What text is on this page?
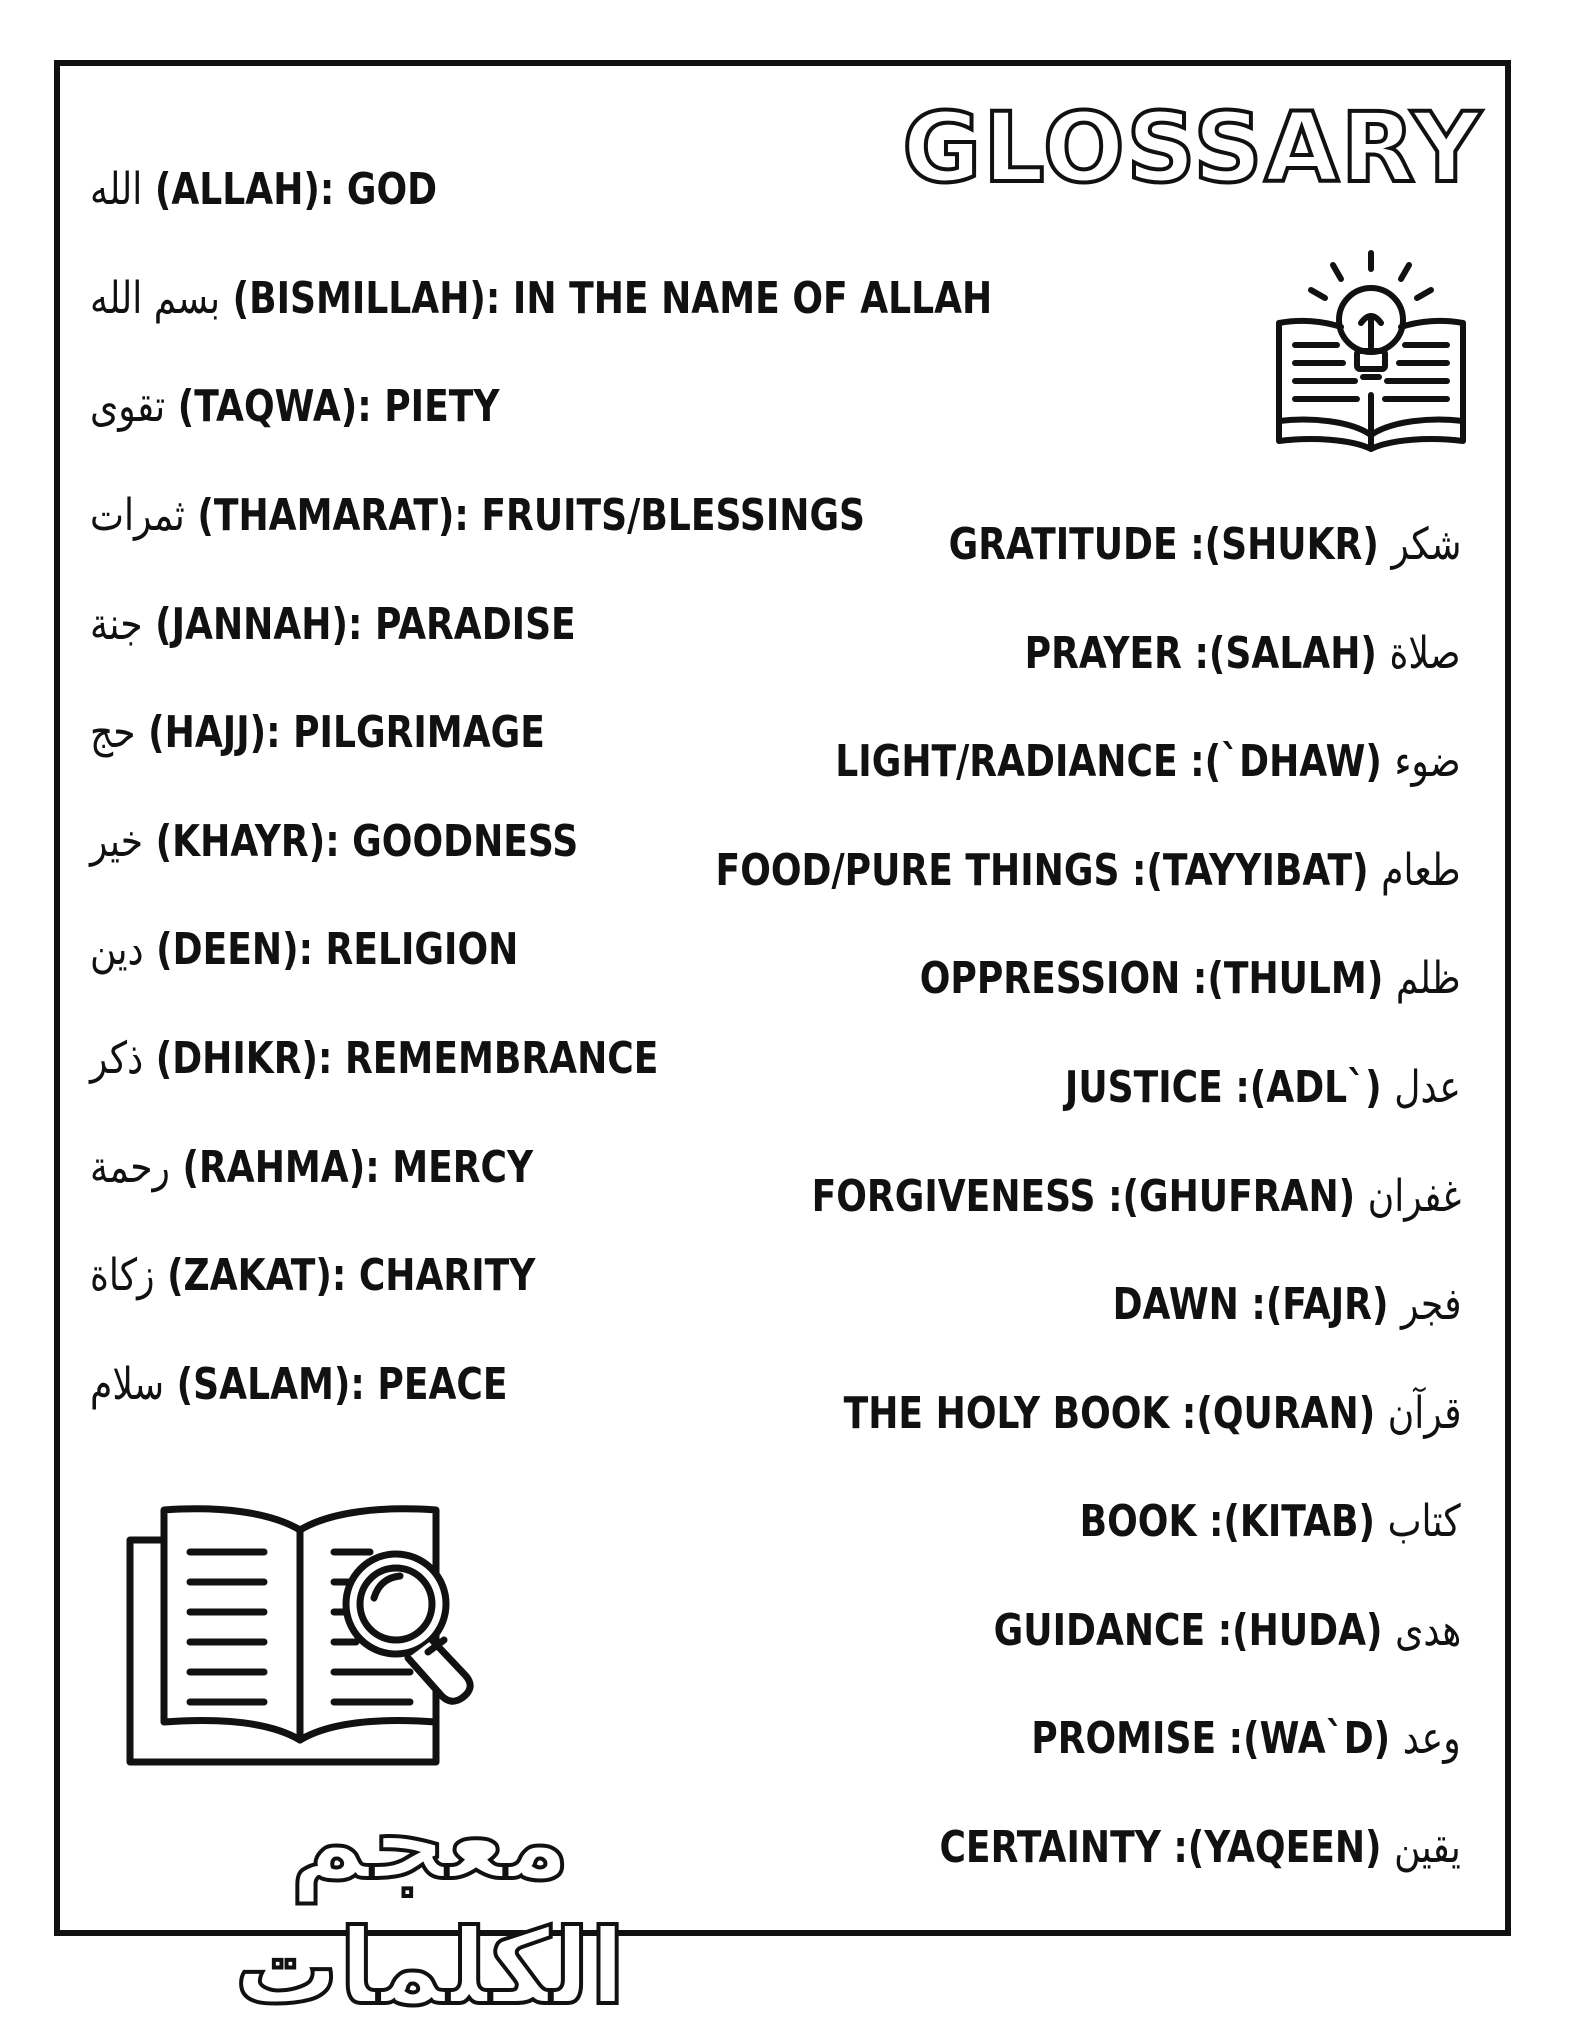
GLOSSARY
الله (ALLAH): GOD
بسم الله (BISMILLAH): IN THE NAME OF ALLAH
تقوى (TAQWA): PIETY
ثمرات (THAMARAT): FRUITS/BLESSINGS
جنة (JANNAH): PARADISE
حج (HAJJ): PILGRIMAGE
خير (KHAYR): GOODNESS
دين (DEEN): RELIGION
ذكر (DHIKR): REMEMBRANCE
رحمة (RAHMA): MERCY
زكاة (ZAKAT): CHARITY
سلام (SALAM): PEACE
GRATITUDE :(SHUKR) شكر
PRAYER :(SALAH) صلاة
LIGHT/RADIANCE :(`DHAW) ضوء
FOOD/PURE THINGS :(TAYYIBAT) طعام
OPPRESSION :(THULM) ظلم
JUSTICE :(ADL`) عدل
FORGIVENESS :(GHUFRAN) غفران
DAWN :(FAJR) فجر
THE HOLY BOOK :(QURAN) قرآن
BOOK :(KITAB) كتاب
GUIDANCE :(HUDA) هدى
PROMISE :(WA`D) وعد
CERTAINTY :(YAQEEN) يقين
معجم الكلمات
